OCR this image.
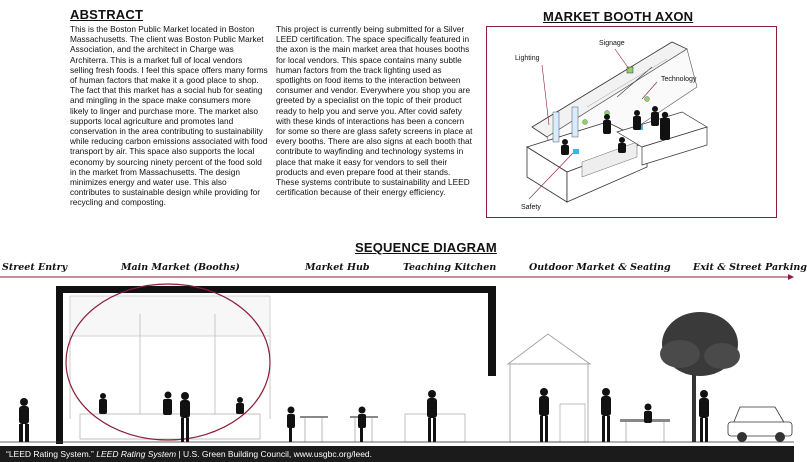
ABSTRACT

This is the Boston Public Market located in Boston Massachusetts. The client was Boston Public Market Association, and the architect in Charge was Architerra. This is a market full of local vendors selling fresh foods. I feel this space offers many forms of human factors that make it a good place to shop. The fact that this market has a social hub for seating and mingling in the space make consumers more likely to linger and purchase more. The market also supports local agriculture and promotes land conservation in the area contributing to sustainability while reducing carbon emissions associated with food transport by air. This space also supports the local economy by sourcing ninety percent of the food sold in the market from Massachusetts. The design minimizes energy and water use. This also contributes to sustainable design while providing for recycling and composting.

This project is currently being submitted for a Silver LEED certification. The space specifically featured in the axon is the main market area that houses booths for local vendors. This space contains many subtle human factors from the track lighting used as spotlights on food items to the interaction between consumer and vendor. Everywhere you shop you are greeted by a specialist on the topic of their product ready to help you and serve you. After covid safety with these kinds of interactions has been a concern for some so there are glass safety screens in place at every booths. There are also signs at each booth that contribute to wayfinding and technology systems in place that make it easy for vendors to sell their products and even prepare food at their stands. These systems contribute to sustainability and LEED certification because of their energy efficiency.

MARKET BOOTH AXON
Lighting
Signage
Technology
Safety
SEQUENCE DIAGRAM
Street Entry	Main Market (Booths)	Market Hub	Teaching Kitchen	Outdoor Market & Seating Exit & Street Parking
“LEED Rating System.” LEED Rating System | U.S. Green Building Council, www.usgbc.org/leed.
